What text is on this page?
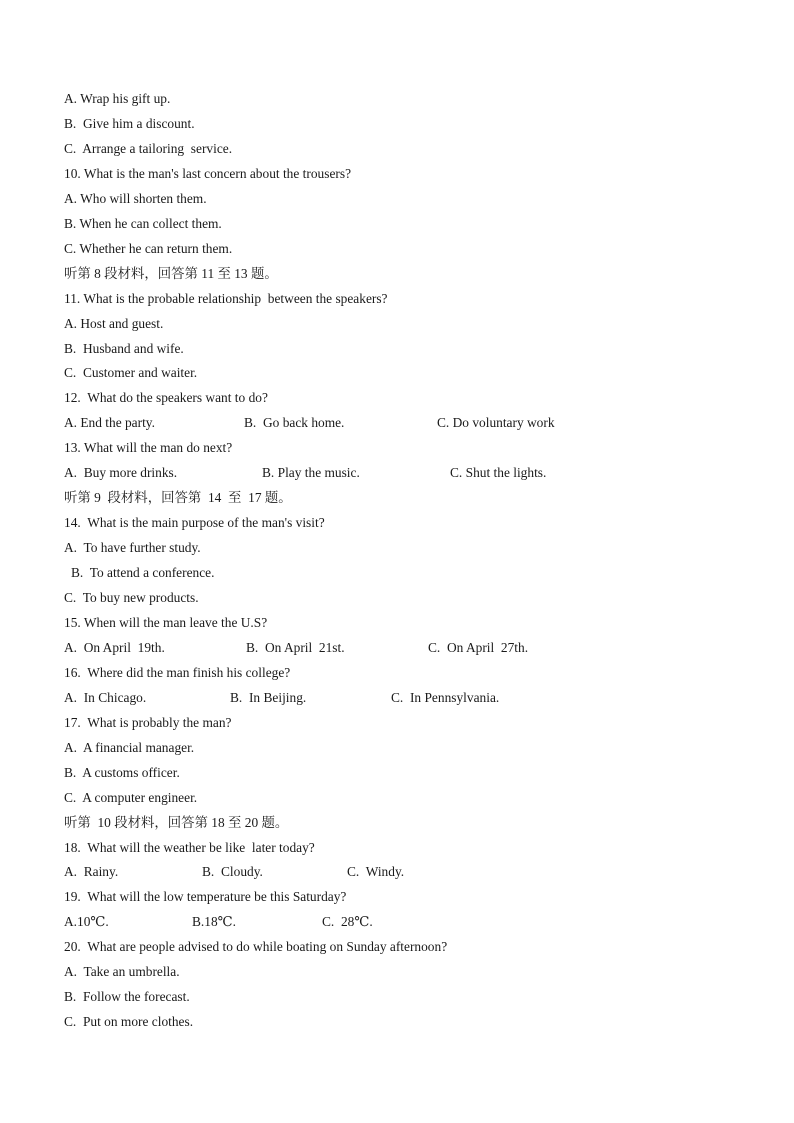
A. Wrap his gift up.
B.  Give him a discount.
C.  Arrange a tailoring  service.
10. What is the man's last concern about the trousers?
A. Who will shorten them.
B. When he can collect them.
C. Whether he can return them.
听第 8 段材料，回答第 11 至 13 题。
11. What is the probable relationship  between the speakers?
A. Host and guest.
B.  Husband and wife.
C.  Customer and waiter.
12.  What do the speakers want to do?
A. End the party.	B.  Go back home.	C. Do voluntary work
13. What will the man do next?
A.  Buy more drinks.	B. Play the music.	C. Shut the lights.
听第 9  段材料，回答第  14  至  17 题。
14.  What is the main purpose of the man's visit?
A.  To have further study.
B.  To attend a conference.
C.  To buy new products.
15. When will the man leave the U.S?
A.  On April  19th.	B.  On April  21st.	C.  On April  27th.
16.  Where did the man finish his college?
A.  In Chicago.	B.  In Beijing.	C.  In Pennsylvania.
17.  What is probably the man?
A.  A financial manager.
B.  A customs officer.
C.  A computer engineer.
听第  10 段材料，回答第 18 至 20 题。
18.  What will the weather be like  later today?
A.  Rainy.	B.  Cloudy.	C.  Windy.
19.  What will the low temperature be this Saturday?
A.10℃.	B.18℃.	C.  28℃.
20.  What are people advised to do while boating on Sunday afternoon?
A.  Take an umbrella.
B.  Follow the forecast.
C.  Put on more clothes.
